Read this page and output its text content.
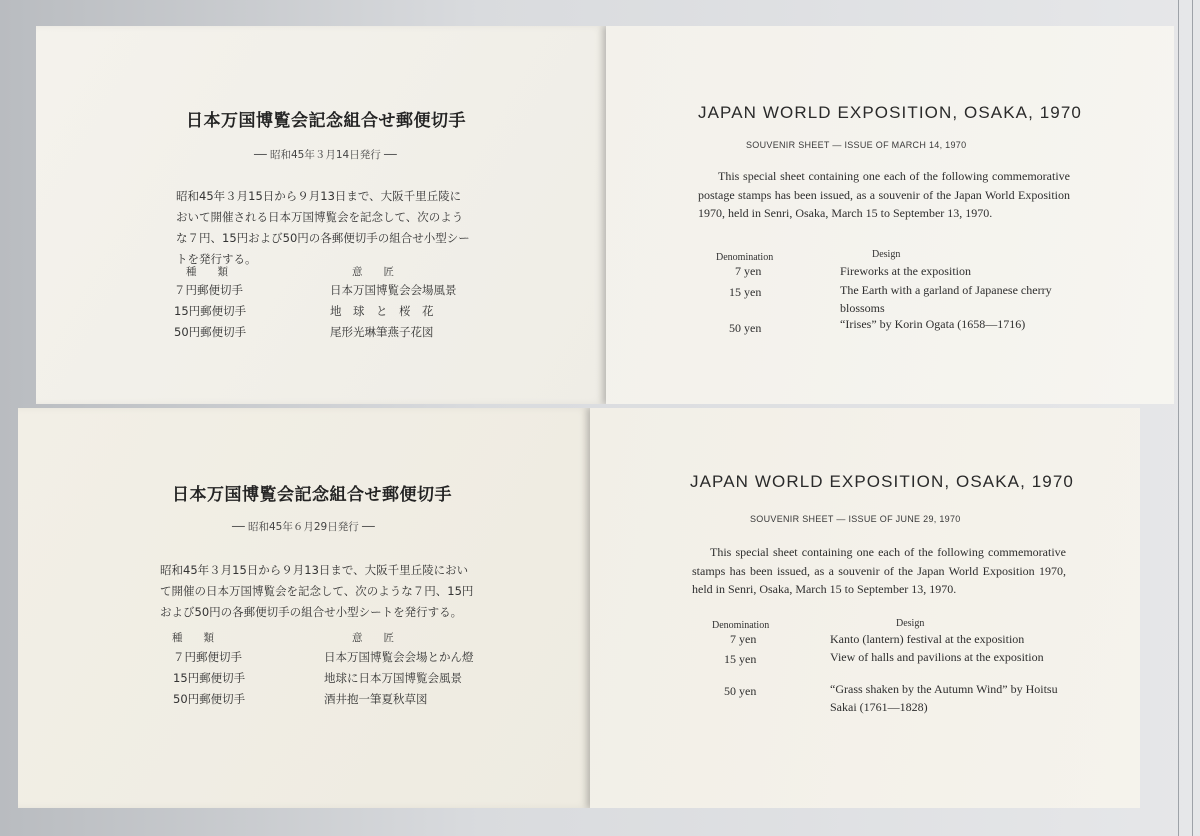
日本万国博覧会記念組合せ郵便切手
── 昭和45年３月14日発行 ──
昭和45年３月15日から９月13日まで、大阪千里丘陵において開催される日本万国博覧会を記念して、次のような７円、15円および50円の各郵便切手の組合せ小型シートを発行する。
種　　類	意　　匠
７円郵便切手	日本万国博覧会会場風景
15円郵便切手	地　球　と　桜　花
50円郵便切手	尾形光琳筆燕子花図
JAPAN WORLD EXPOSITION, OSAKA, 1970
SOUVENIR SHEET — ISSUE OF MARCH 14, 1970
This special sheet containing one each of the following commemorative postage stamps has been issued, as a souvenir of the Japan World Exposition 1970, held in Senri, Osaka, March 15 to September 13, 1970.
Denomination	Design
7 yen	Fireworks at the exposition
15 yen	The Earth with a garland of Japanese cherry blossoms
50 yen	“Irises” by Korin Ogata (1658—1716)
日本万国博覧会記念組合せ郵便切手
── 昭和45年６月29日発行 ──
昭和45年３月15日から９月13日まで、大阪千里丘陵において開催の日本万国博覧会を記念して、次のような７円、15円および50円の各郵便切手の組合せ小型シートを発行する。
種　　類	意　　匠
７円郵便切手	日本万国博覧会会場とかん燈
15円郵便切手	地球に日本万国博覧会風景
50円郵便切手	酒井抱一筆夏秋草図
JAPAN WORLD EXPOSITION, OSAKA, 1970
SOUVENIR SHEET — ISSUE OF JUNE 29, 1970
This special sheet containing one each of the following commemorative stamps has been issued, as a souvenir of the Japan World Exposition 1970, held in Senri, Osaka, March 15 to September 13, 1970.
Denomination	Design
7 yen	Kanto (lantern) festival at the exposition
15 yen	View of halls and pavilions at the exposition
50 yen	“Grass shaken by the Autumn Wind” by Hoitsu Sakai (1761—1828)
